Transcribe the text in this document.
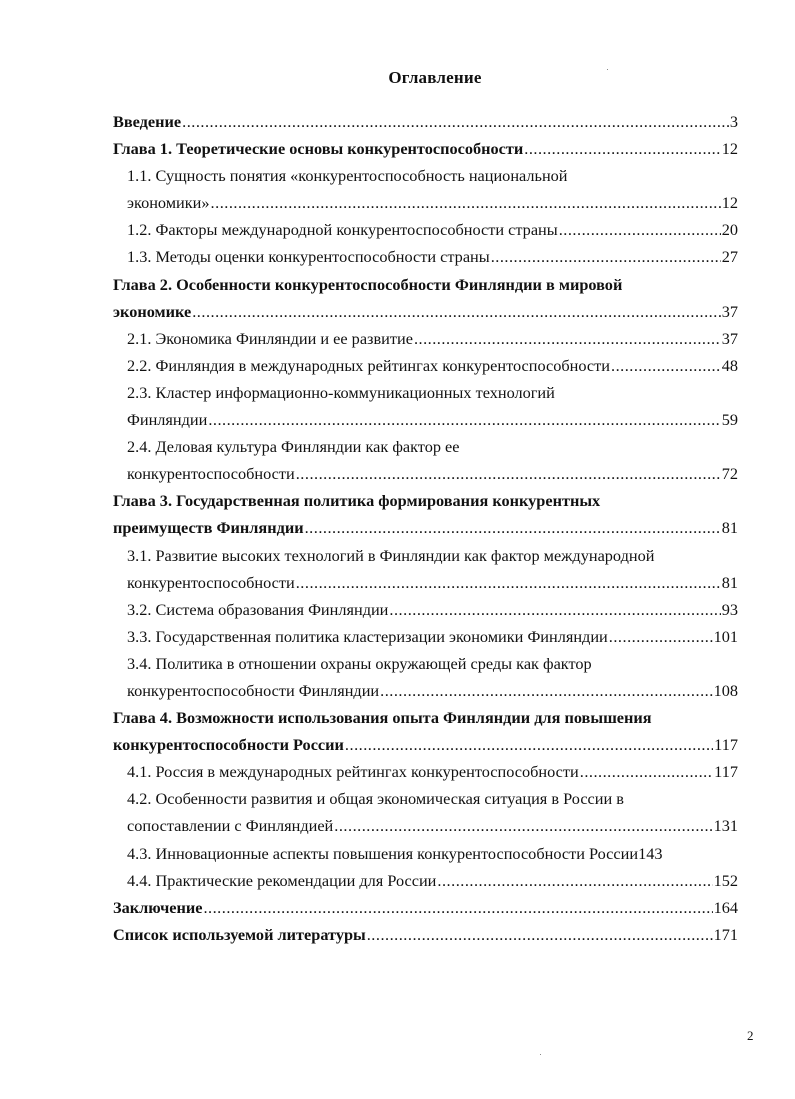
Оглавление
Введение .....	3
Глава 1. Теоретические основы конкурентоспособности .....	12
1.1. Сущность понятия «конкурентоспособность национальной
экономики» .....	12
1.2. Факторы международной конкурентоспособности страны .....	20
1.3. Методы оценки конкурентоспособности страны .....	27
Глава 2. Особенности конкурентоспособности Финляндии в мировой
экономике .....	37
2.1. Экономика Финляндии и ее развитие .....	37
2.2. Финляндия в международных рейтингах конкурентоспособности .....	48
2.3. Кластер информационно-коммуникационных технологий
Финляндии .....	59
2.4. Деловая культура Финляндии как фактор ее
конкурентоспособности .....	72
Глава 3. Государственная политика формирования конкурентных
преимуществ Финляндии .....	81
3.1. Развитие высоких технологий в Финляндии как фактор международной
конкурентоспособности .....	81
3.2. Система образования Финляндии .....	93
3.3. Государственная политика кластеризации экономики Финляндии .....	101
3.4. Политика в отношении охраны окружающей среды как фактор
конкурентоспособности Финляндии .....	108
Глава 4. Возможности использования опыта Финляндии для повышения
конкурентоспособности России .....	117
4.1. Россия в международных рейтингах конкурентоспособности .....	117
4.2. Особенности развития и общая экономическая ситуация в России в
сопоставлении с Финляндией .....	131
4.3. Инновационные аспекты повышения конкурентоспособности России 143
4.4. Практические рекомендации для России .....	152
Заключение .....	164
Список используемой литературы .....	171
2
